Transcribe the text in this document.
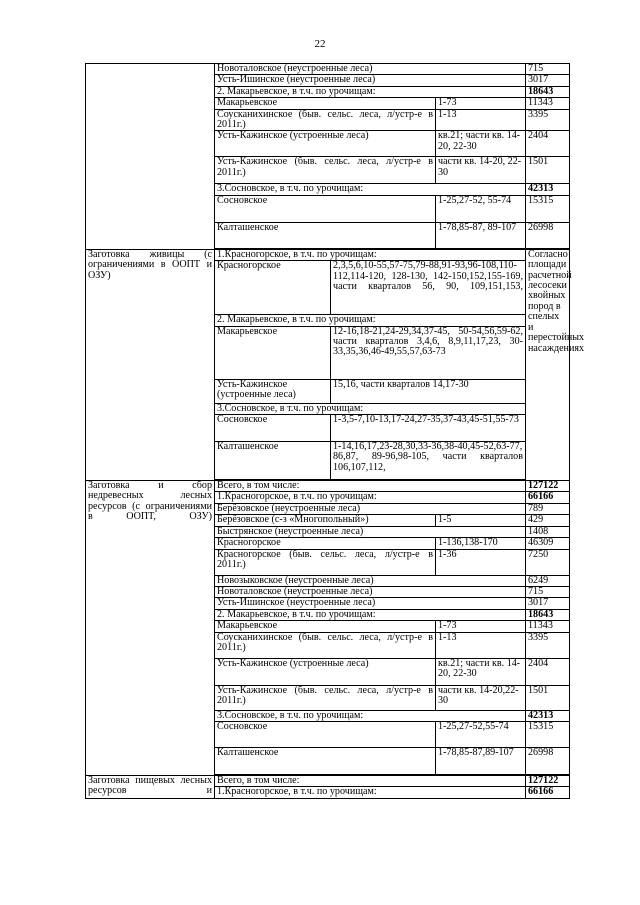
22
	Новоталовское (неустроенные леса)			715
	Усть-Ишинское (неустроенные леса)			3017
	2. Макарьевское, в т.ч. по урочищам:			18643
	Макарьевское		1-73	11343
	Соусканихинское (быв. сельс. леса, л/устр-е в 2011г.)		1-13	3395
	Усть-Кажинское (устроенные леса)		кв.21; части кв. 14-20, 22-30	2404
	Усть-Кажинское (быв. сельс. леса, л/устр-е в 2011г.)		части кв. 14-20, 22-30	1501
	3.Сосновское, в т.ч. по урочищам:			42313
	Сосновское		1-25,27-52, 55-74	15315
	Калташенское		1-78,85-87, 89-107	26998

Заготовка живицы (с ограничениями в ООПТ и ОЗУ)	1.Красногорское, в т.ч. по урочищам:			Согласно площади расчетной лесосеки хвойных пород в спелых и перестойных насаждениях
	Красногорское	2,3,5,6,10-55,57-75,79-88,91-93,96-108,110-112,114-120, 128-130, 142-150,152,155-169, части кварталов 56, 90, 109,151,153,		
	2. Макарьевское, в т.ч. по урочищам:			
	Макарьевское	12-16,18-21,24-29,34,37-45, 50-54,56,59-62, части кварталов 3,4,6, 8,9,11,17,23, 30-33,35,36,46-49,55,57,63-73		
	Усть-Кажинское (устроенные леса)	15,16, части кварталов 14,17-30		
	3.Сосновское, в т.ч. по урочищам:			
	Сосновское	1-3,5-7,10-13,17-24,27-35,37-43,45-51,55-73		
	Калташенское	1-14,16,17,23-28,30,33-36,38-40,45-52,63-77, 86,87, 89-96,98-105, части кварталов 106,107,112,		

Заготовка и сбор недревесных лесных ресурсов (с ограничениями в ООПТ, ОЗУ)	Всего, в том числе:			127122
	1.Красногорское, в т.ч. по урочищам:			66166
	Берёзовское (неустроенные леса)			789
	Берёзовское (с-з «Многопольный»)		1-5	429
	Быстрянское (неустроенные леса)			1408
	Красногорское		1-136,138-170	46309
	Красногорское (быв. сельс. леса, л/устр-е в 2011г.)		1-36	7250
	Новозыковское (неустроенные леса)			6249
	Новоталовское (неустроенные леса)			715
	Усть-Ишинское (неустроенные леса)			3017
	2. Макарьевское, в т.ч. по урочищам:			18643
	Макарьевское		1-73	11343
	Соусканихинское (быв. сельс. леса, л/устр-е в 2011г.)		1-13	3395
	Усть-Кажинское (устроенные леса)		кв.21; части кв. 14-20, 22-30	2404
	Усть-Кажинское (быв. сельс. леса, л/устр-е в 2011г.)		части кв. 14-20,22-30	1501
	3.Сосновское, в т.ч. по урочищам:			42313
	Сосновское		1-25,27-52,55-74	15315
	Калташенское		1-78,85-87,89-107	26998

Заготовка пищевых лесных ресурсов и	Всего, в том числе:			127122
	1.Красногорское, в т.ч. по урочищам:			66166
